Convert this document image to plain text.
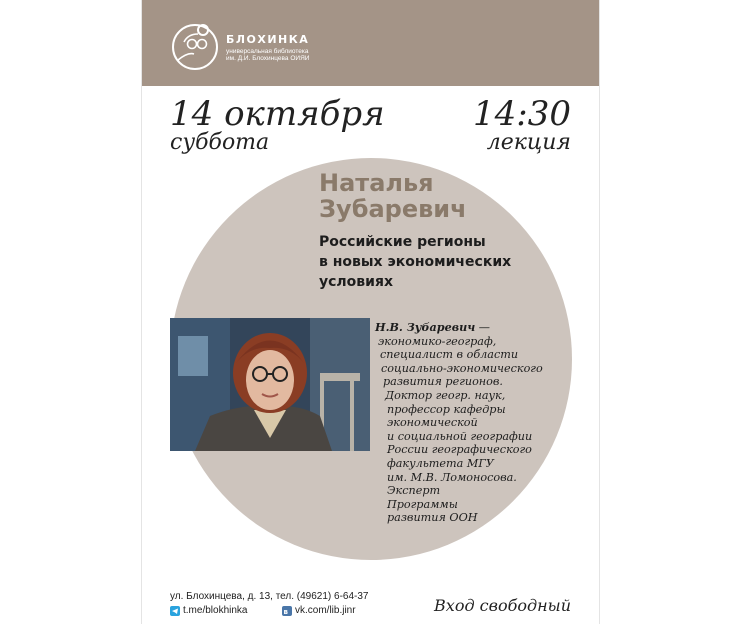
БЛОХИНКА
универсальная библиотека
им. Д.И. Блохинцева ОИЯИ
14 октября
суббота
14:30
лекция
Наталья
Зубаревич
Российские регионы
в новых экономических
условиях
Н.В. Зубаревич —
экономико-географ,
специалист в области
социально-экономического
развития регионов.
Доктор геогр. наук,
профессор кафедры
экономической
и социальной географии
России географического
факультета МГУ
им. М.В. Ломоносова.
Эксперт
Программы
развития ООН
ул. Блохинцева, д. 13, тел. (49621) 6-64-37
t.me/blokhinka	в vk.com/lib.jinr	Вход свободный
